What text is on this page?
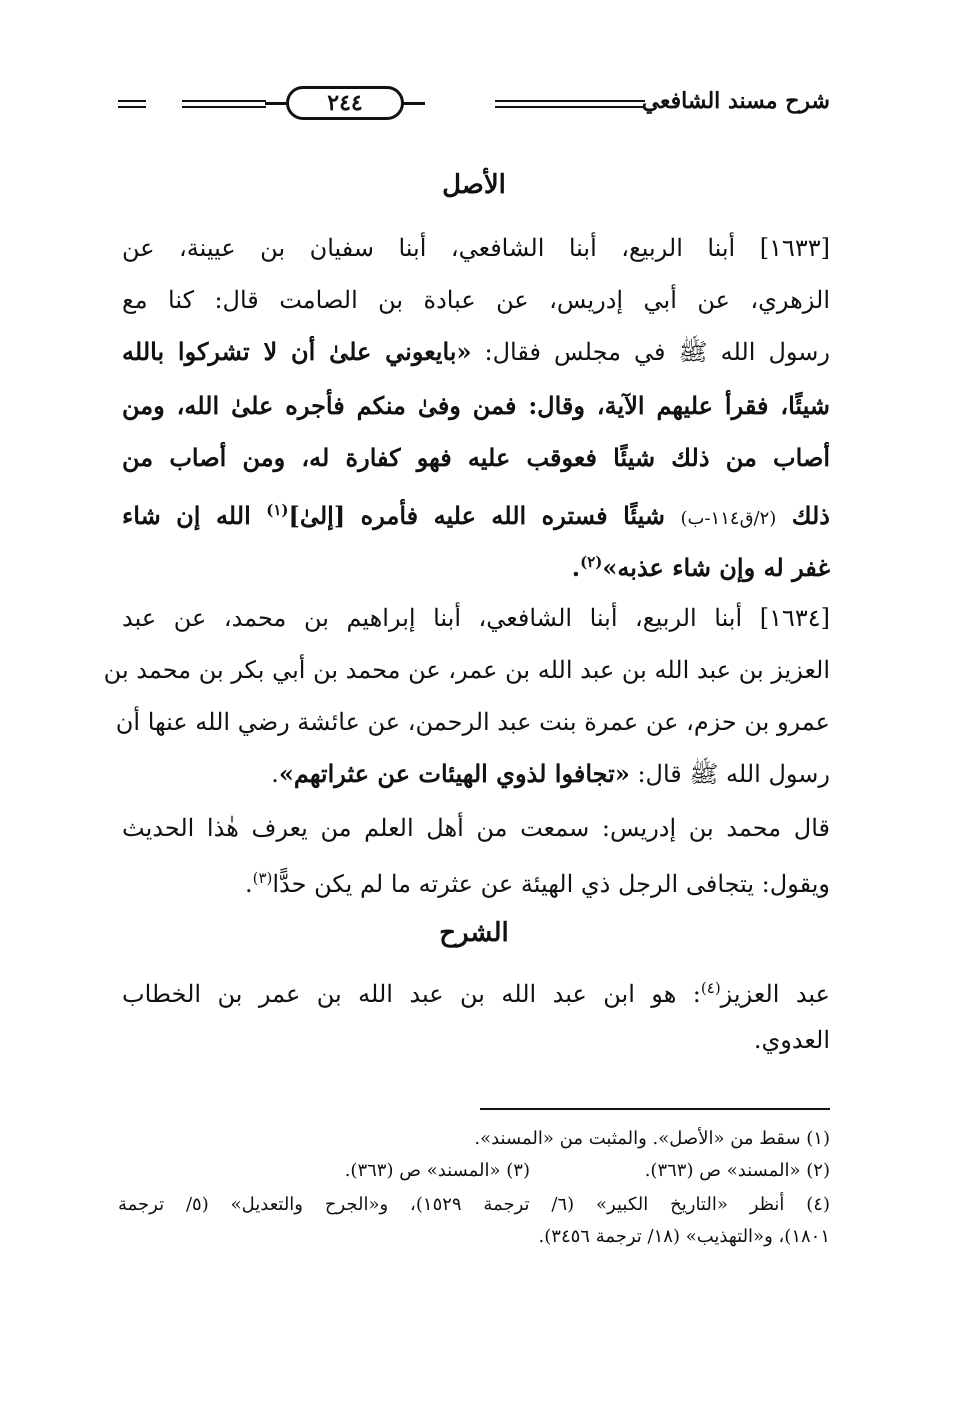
شرح مسند الشافعي
٢٤٤
الأصل
[١٦٣٣] أبنا الربيع، أبنا الشافعي، أبنا سفيان بن عيينة، عن
الزهري، عن أبي إدريس، عن عبادة بن الصامت قال: كنا مع
رسول الله ﷺ في مجلس فقال: «بايعوني علىٰ أن لا تشركوا بالله
شيئًا، فقرأ عليهم الآية، وقال: فمن وفىٰ منكم فأجره علىٰ الله، ومن
أصاب من ذلك شيئًا فعوقب عليه فهو كفارة له، ومن أصاب من
ذلك (٢/ق١١٤-ب) شيئًا فستره الله عليه فأمره [إلىٰ]$^{(١)}$ الله إن شاء
غفر له وإن شاء عذبه»$^{(٢)}$.
[١٦٣٤] أبنا الربيع، أبنا الشافعي، أبنا إبراهيم بن محمد، عن عبد
العزيز بن عبد الله بن عبد الله بن عمر، عن محمد بن أبي بكر بن محمد بن
عمرو بن حزم، عن عمرة بنت عبد الرحمن، عن عائشة رضي الله عنها أن
رسول الله ﷺ قال: «تجافوا لذوي الهيئات عن عثراتهم».
قال محمد بن إدريس: سمعت من أهل العلم من يعرف هٰذا الحديث
ويقول: يتجافى الرجل ذي الهيئة عن عثرته ما لم يكن حدًّا$^{(٣)}$.
الشرح
عبد العزيز$^{(٤)}$: هو ابن عبد الله بن عبد الله بن عمر بن الخطاب
العدوي.
(١) سقط من «الأصل». والمثبت من «المسند».
(٢) «المسند» ص (٣٦٣).(٣) «المسند» ص (٣٦٣).
(٤) أنظر «التاريخ الكبير» (٦/ ترجمة ١٥٢٩)، و«الجرح والتعديل» (٥/ ترجمة
١٨٠١)، و«التهذيب» (١٨/ ترجمة ٣٤٥٦).
